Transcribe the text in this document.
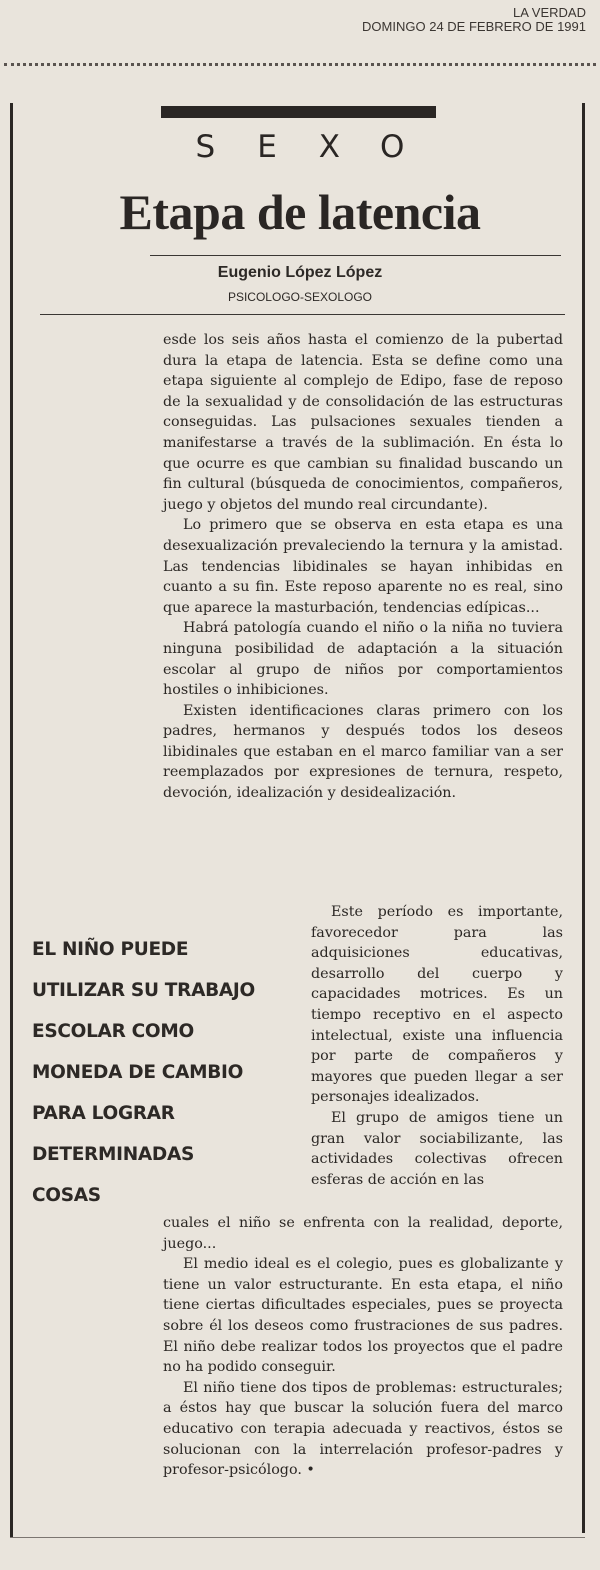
LA VERDAD
DOMINGO 24 DE FEBRERO DE 1991
SEXO
Etapa de latencia
Eugenio López López
PSICOLOGO-SEXOLOGO

esde los seis años hasta el comienzo de la pubertad dura la etapa de latencia. Esta se define como una etapa siguiente al complejo de Edipo, fase de reposo de la sexualidad y de consolidación de las estructuras conseguidas. Las pulsaciones sexuales tienden a manifestarse a través de la sublimación. En ésta lo que ocurre es que cambian su finalidad buscando un fin cultural (búsqueda de conocimientos, compañeros, juego y objetos del mundo real circundante).

Lo primero que se observa en esta etapa es una desexualización prevaleciendo la ternura y la amistad. Las tendencias libidinales se hayan inhibidas en cuanto a su fin. Este reposo aparente no es real, sino que aparece la masturbación, tendencias edípicas...

Habrá patología cuando el niño o la niña no tuviera ninguna posibilidad de adaptación a la situación escolar al grupo de niños por comportamientos hostiles o inhibiciones.

Existen identificaciones claras primero con los padres, hermanos y después todos los deseos libidinales que estaban en el marco familiar van a ser reemplazados por expresiones de ternura, respeto, devoción, idealización y desidealización.

Este período es importante, favorecedor para las adquisiciones educativas, desarrollo del cuerpo y capacidades motrices. Es un tiempo receptivo en el aspecto intelectual, existe una influencia por parte de compañeros y mayores que pueden llegar a ser personajes idealizados.

El grupo de amigos tiene un gran valor sociabilizante, las actividades colectivas ofrecen esferas de acción en las

EL NIÑO PUEDE
UTILIZAR SU TRABAJO
ESCOLAR COMO
MONEDA DE CAMBIO
PARA LOGRAR
DETERMINADAS
COSAS

cuales el niño se enfrenta con la realidad, deporte, juego...

El medio ideal es el colegio, pues es globalizante y tiene un valor estructurante. En esta etapa, el niño tiene ciertas dificultades especiales, pues se proyecta sobre él los deseos como frustraciones de sus padres. El niño debe realizar todos los proyectos que el padre no ha podido conseguir.

El niño tiene dos tipos de problemas: estructurales; a éstos hay que buscar la solución fuera del marco educativo con terapia adecuada y reactivos, éstos se solucionan con la interrelación profesor-padres y profesor-psicólogo. •
